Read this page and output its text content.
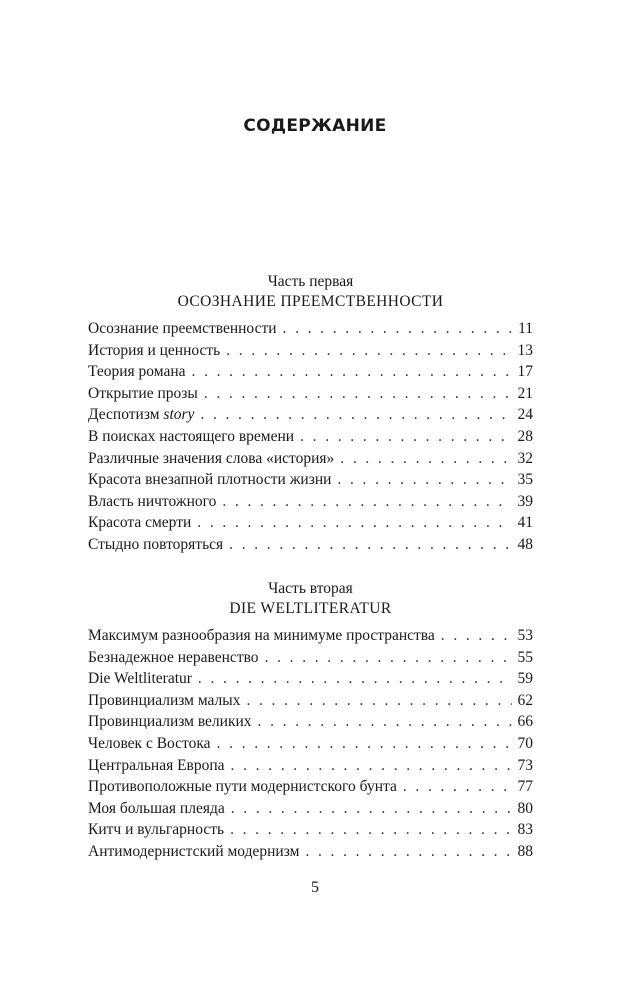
СОДЕРЖАНИЕ
Часть первая
ОСОЗНАНИЕ ПРЕЕМСТВЕННОСТИ
Осознание преемственности . . .	11
История и ценность . . .	13
Теория романа . . .	17
Открытие прозы . . .	21
Деспотизм story . . .	24
В поисках настоящего времени . . .	28
Различные значения слова «история» . . .	32
Красота внезапной плотности жизни . . .	35
Власть ничтожного . . .	39
Красота смерти . . .	41
Стыдно повторяться . . .	48
Часть вторая
DIE WELTLITERATUR
Максимум разнообразия на минимуме пространства . . .	53
Безнадежное неравенство . . .	55
Die Weltliteratur . . .	59
Провинциализм малых . . .	62
Провинциализм великих . . .	66
Человек с Востока . . .	70
Центральная Европа . . .	73
Противоположные пути модернистского бунта . . .	77
Моя большая плеяда . . .	80
Китч и вульгарность . . .	83
Антимодернистский модернизм . . .	88
5
